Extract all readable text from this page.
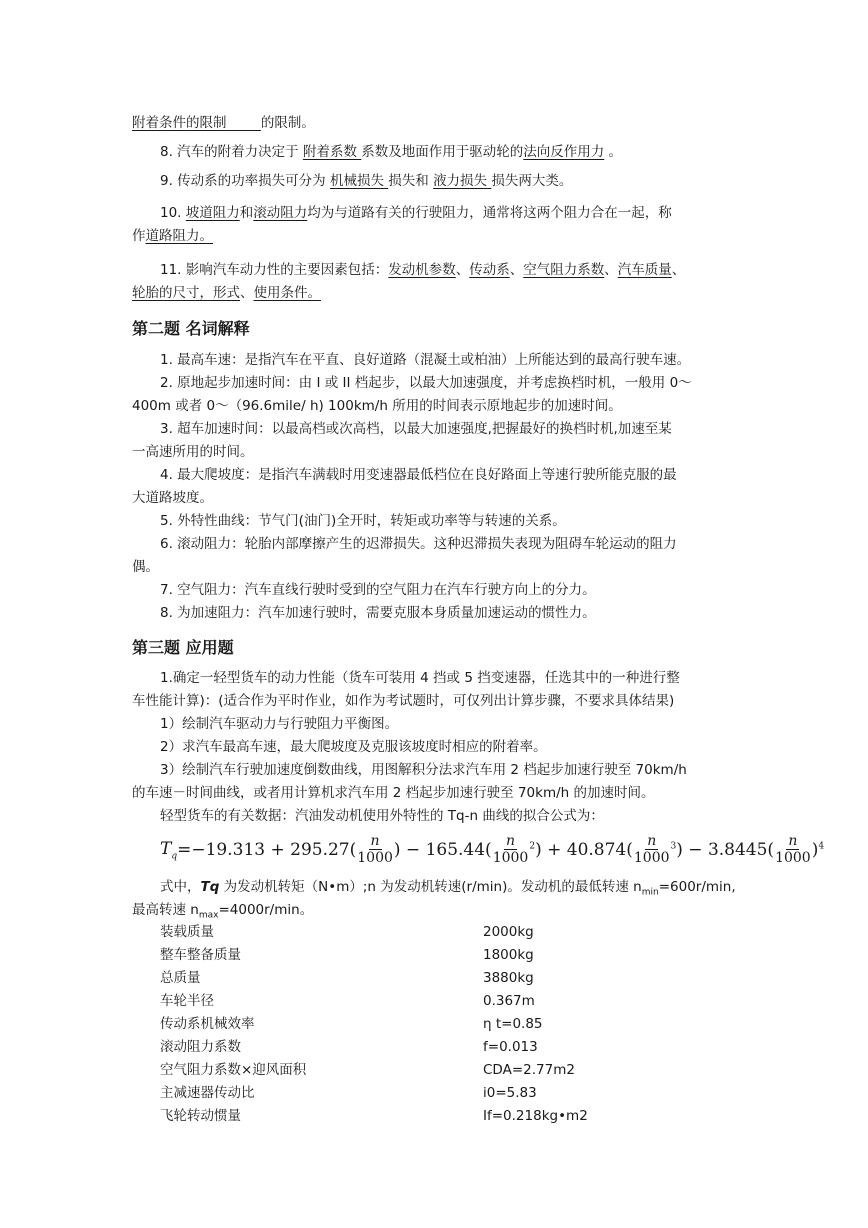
附着条件的限制	的限制。
8. 汽车的附着力决定于 附着系数 系数及地面作用于驱动轮的法向反作用力 。
9. 传动系的功率损失可分为 机械损失 损失和 液力损失 损失两大类。
10. 坡道阻力和滚动阻力均为与道路有关的行驶阻力，通常将这两个阻力合在一起，称
作道路阻力。
11. 影响汽车动力性的主要因素包括：发动机参数、传动系、空气阻力系数、汽车质量、
轮胎的尺寸，形式、使用条件。
第二题 名词解释
1. 最高车速：是指汽车在平直、良好道路（混凝土或柏油）上所能达到的最高行驶车速。
2. 原地起步加速时间：由 I 或 II 档起步，以最大加速强度，并考虑换档时机，一般用 0～
400m 或者 0～（96.6mile/ h) 100km/h 所用的时间表示原地起步的加速时间。
3. 超车加速时间：以最高档或次高档，以最大加速强度,把握最好的换档时机,加速至某
一高速所用的时间。
4. 最大爬坡度：是指汽车满载时用变速器最低档位在良好路面上等速行驶所能克服的最
大道路坡度。
5. 外特性曲线：节气门(油门)全开时，转矩或功率等与转速的关系。
6. 滚动阻力：轮胎内部摩擦产生的迟滞损失。这种迟滞损失表现为阻碍车轮运动的阻力
偶。
7. 空气阻力：汽车直线行驶时受到的空气阻力在汽车行驶方向上的分力。
8. 为加速阻力：汽车加速行驶时，需要克服本身质量加速运动的惯性力。
第三题 应用题
1.确定一轻型货车的动力性能（货车可装用 4 挡或 5 挡变速器，任选其中的一种进行整
车性能计算)：(适合作为平时作业，如作为考试题时，可仅列出计算步骤，不要求具体结果)
1）绘制汽车驱动力与行驶阻力平衡图。
2）求汽车最高车速，最大爬坡度及克服该坡度时相应的附着率。
3）绘制汽车行驶加速度倒数曲线，用图解积分法求汽车用 2 档起步加速行驶至 70km/h
的车速－时间曲线，或者用计算机求汽车用 2 档起步加速行驶至 70km/h 的加速时间。
轻型货车的有关数据：汽油发动机使用外特性的 Tq-n 曲线的拟合公式为：
$T_q =-19.313 + 295.27( \frac{n}{1000}$ ) − $165.44( \frac{n}{1000} ^2$ ) + $40.874( \frac{n}{1000} ^3$ ) − $3.8445( \frac{n}{1000} )^4$
式中，Tq 为发动机转矩（N•m）;n 为发动机转速(r/min)。发动机的最低转速 $n_{min}=600r/\min$,
最高转速 $n_{max}=4000r/\min$。
装载质量	2000kg
整车整备质量	1800kg
总质量	3880kg
车轮半径	0.367m
传动系机械效率	η t=0.85
滚动阻力系数	f=0.013
空气阻力系数×迎风面积	CDA=2.77m2
主减速器传动比	i0=5.83
飞轮转动惯量	If=0.218kg•m2
